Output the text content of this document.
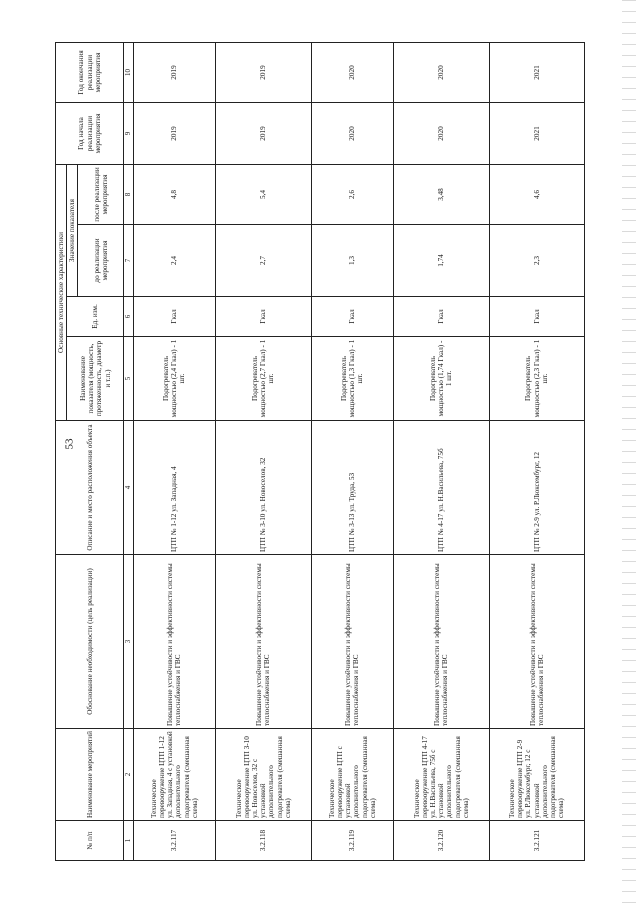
53
№ п/п	Наименование мероприятий	Обоснование необходимости (цель реализации)	Описание и место расположения объекта	Основные технические характеристики				Год начала реализации мероприятия	Год окончания реализации мероприятия
				Наименование показателя (мощность, протяженность, диаметр и т.п.)	Ед. изм.	Значение показателя			
						до реализации мероприятия	после реализации мероприятия		
1	2	3	4	5	6	7	8	9	10
3.2.117	Техническое перевооружение ЦТП 1-12 ул. Западная, 4 с установкой дополнительного подогревателя (смешанная схема)	Повышение устойчивости и эффективности системы теплоснабжения и ГВС	ЦТП № 1-12 ул. Западная, 4	Подогреватель мощностью (2,4 Гкал) - 1 шт.	Гкал	2,4	4,8	2019	2019
3.2.118	Техническое перевооружение ЦТП 3-10 ул. Новоселов, 32 с установкой дополнительного подогревателя (смешанная схема)	Повышение устойчивости и эффективности системы теплоснабжения и ГВС	ЦТП № 3-10 ул. Новоселов, 32	Подогреватель мощностью (2,7 Гкал) - 1 шт.	Гкал	2,7	5,4	2019	2019
3.2.119	Техническое перевооружение ЦТП с установкой дополнительного подогревателя (смешанная схема)	Повышение устойчивости и эффективности системы теплоснабжения и ГВС	ЦТП № 3-13 ул. Труда, 53	Подогреватель мощностью (1,3 Гкал) - 1 шт.	Гкал	1,3	2,6	2020	2020
3.2.120	Техническое перевооружение ЦТП 4-17 ул. Н.Васильева, 75б с установкой дополнительного подогревателя (смешанная схема)	Повышение устойчивости и эффективности системы теплоснабжения и ГВС	ЦТП № 4-17 ул. Н.Васильева, 75б	Подогреватель мощностью (1,74 Гкал) - 1 шт.	Гкал	1,74	3,48	2020	2020
3.2.121	Техническое перевооружение ЦТП 2-9 ул. Р.Люксембург, 12 с установкой дополнительного подогревателя (смешанная схема)	Повышение устойчивости и эффективности системы теплоснабжения и ГВС	ЦТП № 2-9 ул. Р.Люксембург, 12	Подогреватель мощностью (2,3 Гкал) - 1 шт.	Гкал	2,3	4,6	2021	2021
